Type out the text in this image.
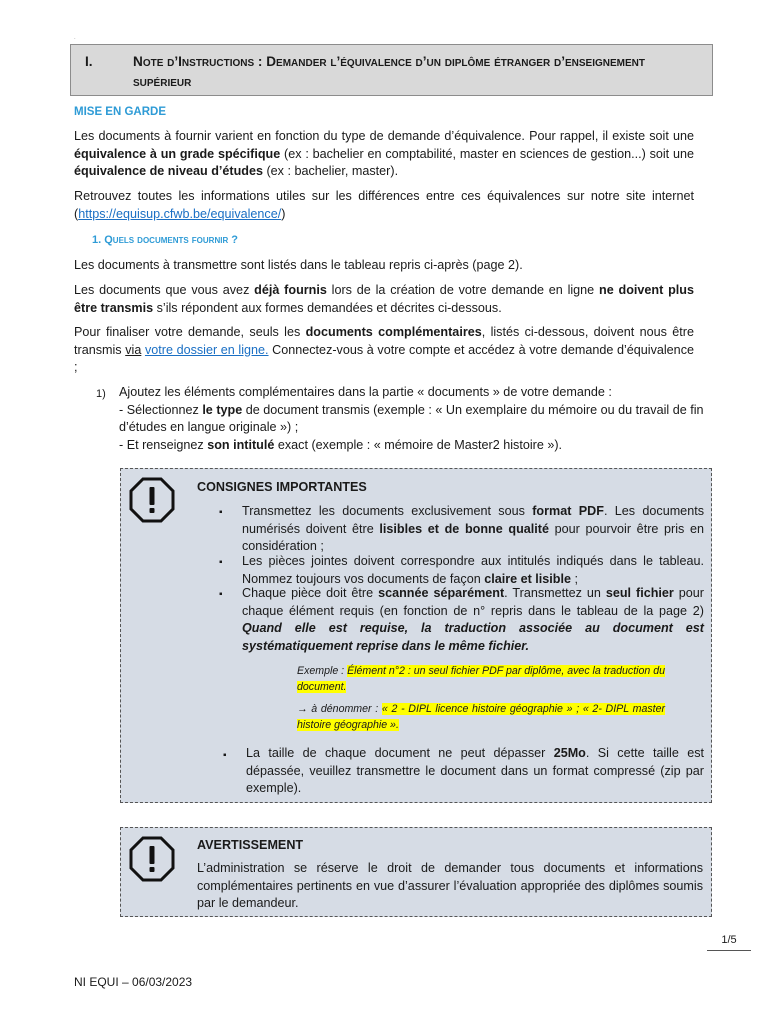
.
I.	Note d’Instructions : Demander l’équivalence d’un diplôme étranger d’enseignement supérieur
MISE EN GARDE
Les documents à fournir varient en fonction du type de demande d’équivalence. Pour rappel, il existe soit une équivalence à un grade spécifique (ex : bachelier en comptabilité, master en sciences de gestion...) soit une équivalence de niveau d’études (ex : bachelier, master).
Retrouvez toutes les informations utiles sur les différences entre ces équivalences sur notre site internet (https://equisup.cfwb.be/equivalence/)
1. Quels documents fournir ?
Les documents à transmettre sont listés dans le tableau repris ci-après (page 2).
Les documents que vous avez déjà fournis lors de la création de votre demande en ligne ne doivent plus être transmis s’ils répondent aux formes demandées et décrites ci-dessous.
Pour finaliser votre demande, seuls les documents complémentaires, listés ci-dessous, doivent nous être transmis via votre dossier en ligne. Connectez-vous à votre compte et accédez à votre demande d’équivalence ;
1) Ajoutez les éléments complémentaires dans la partie « documents » de votre demande :
- Sélectionnez le type de document transmis (exemple : « Un exemplaire du mémoire ou du travail de fin d’études en langue originale ») ;
- Et renseignez son intitulé exact (exemple : « mémoire de Master2 histoire »).
CONSIGNES IMPORTANTES
▪ Transmettez les documents exclusivement sous format PDF. Les documents numérisés doivent être lisibles et de bonne qualité pour pourvoir être pris en considération ;
▪ Les pièces jointes doivent correspondre aux intitulés indiqués dans le tableau. Nommez toujours vos documents de façon claire et lisible ;
▪ Chaque pièce doit être scannée séparément. Transmettez un seul fichier pour chaque élément requis (en fonction de n° repris dans le tableau de la page 2) Quand elle est requise, la traduction associée au document est systématiquement reprise dans le même fichier.
Exemple : Élément n°2 : un seul fichier PDF par diplôme, avec la traduction du document.
→ à dénommer : « 2 - DIPL licence histoire géographie » ; « 2- DIPL master histoire géographie ».
▪ La taille de chaque document ne peut dépasser 25Mo. Si cette taille est dépassée, veuillez transmettre le document dans un format compressé (zip par exemple).
AVERTISSEMENT
L’administration se réserve le droit de demander tous documents et informations complémentaires pertinents en vue d’assurer l’évaluation appropriée des diplômes soumis par le demandeur.
1/5
NI EQUI – 06/03/2023
